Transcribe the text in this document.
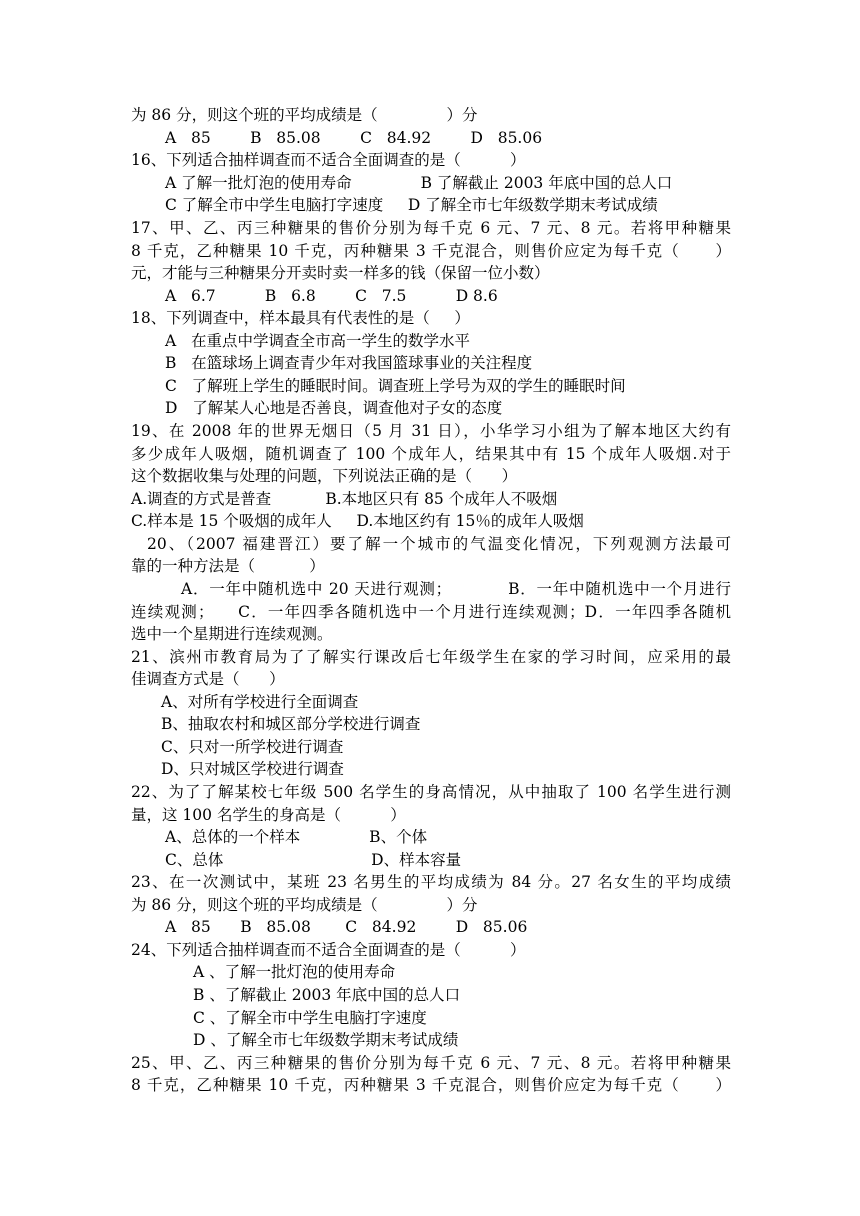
为 86 分，则这个班的平均成绩是（              ）分
A   85        B   85.08        C   84.92        D   85.06
16、下列适合抽样调查而不适合全面调查的是（          ）
A 了解一批灯泡的使用寿命              B 了解截止 2003 年底中国的总人口
C 了解全市中学生电脑打字速度     D 了解全市七年级数学期末考试成绩
17、甲、乙、丙三种糖果的售价分别为每千克 6 元、7 元、8 元。若将甲种糖果
8 千克，乙种糖果 10 千克，丙种糖果 3 千克混合，则售价应定为每千克（      ）
元，才能与三种糖果分开卖时卖一样多的钱（保留一位小数）
A   6.7          B   6.8        C   7.5          D 8.6
18、下列调查中，样本最具有代表性的是（     ）
A   在重点中学调查全市高一学生的数学水平
B   在篮球场上调查青少年对我国篮球事业的关注程度
C   了解班上学生的睡眠时间。调查班上学号为双的学生的睡眠时间
D   了解某人心地是否善良，调查他对子女的态度
19、在 2008 年的世界无烟日（5 月 31 日），小华学习小组为了解本地区大约有
多少成年人吸烟，随机调查了 100 个成年人，结果其中有 15 个成年人吸烟.对于
这个数据收集与处理的问题，下列说法正确的是（      ）
A.调查的方式是普查           B.本地区只有 85 个成年人不吸烟
C.样本是 15 个吸烟的成年人     D.本地区约有 15％的成年人吸烟
20、（2007 福建晋江）要了解一个城市的气温变化情况，下列观测方法最可
靠的一种方法是（           ）
A．一年中随机选中 20 天进行观测；          B．一年中随机选中一个月进行
连续观测；    C．一年四季各随机选中一个月进行连续观测；D．一年四季各随机
选中一个星期进行连续观测。
21、滨州市教育局为了了解实行课改后七年级学生在家的学习时间，应采用的最
佳调查方式是（      ）
A、对所有学校进行全面调查
B、抽取农村和城区部分学校进行调查
C、只对一所学校进行调查
D、只对城区学校进行调查
22、为了了解某校七年级 500 名学生的身高情况，从中抽取了 100 名学生进行测
量，这 100 名学生的身高是（          ）
A、总体的一个样本              B、个体
C、总体                              D、样本容量
23、在一次测试中，某班 23 名男生的平均成绩为 84 分。27 名女生的平均成绩
为 86 分，则这个班的平均成绩是（              ）分
A   85      B   85.08       C   84.92        D   85.06
24、下列适合抽样调查而不适合全面调查的是（          ）
A 、了解一批灯泡的使用寿命
B 、了解截止 2003 年底中国的总人口
C 、了解全市中学生电脑打字速度
D 、了解全市七年级数学期末考试成绩
25、甲、乙、丙三种糖果的售价分别为每千克 6 元、7 元、8 元。若将甲种糖果
8 千克，乙种糖果 10 千克，丙种糖果 3 千克混合，则售价应定为每千克（      ）
